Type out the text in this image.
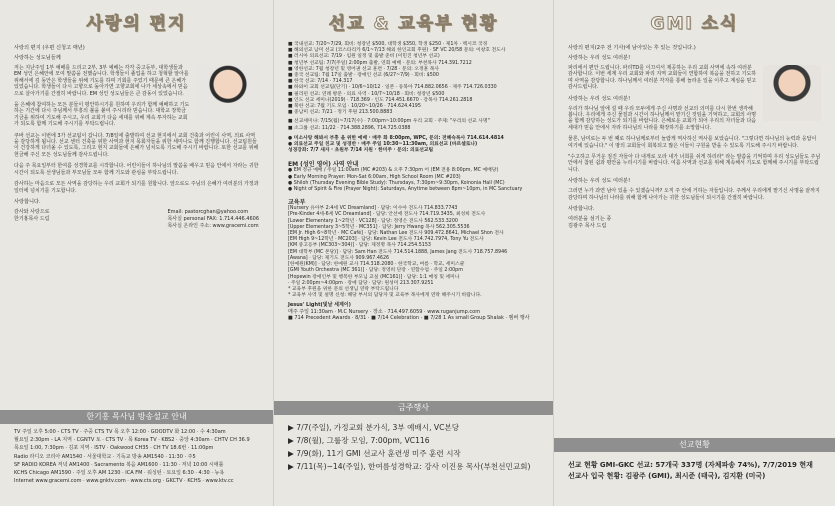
사랑의 편지

사랑의 편지 (우편 신청고 매년)

사랑하는 성도님들께

저는 지난주일 1부 예배를 드리고 2부, 3부 예배는 각각 중고등부, 대학생들과 EM 성인 은혜안에 모여 말씀을 전했습니다. 학생들이 졸업을 하고 청혁할 알아를 위해서에 깊 동안은 학생들을 위해 기도를 하며 기회를 주었기 때문에 큰 은혜가 있었습니다. 학생들이 다시 고향으로 돌아가면 고향교회에 나가 세상속에서 믿음으로 살아가기를 간절히 바랍니다. EM 성인 성도님들은 큰 감동이 있었습니다.

을 은혜에 참여하는 모든 분들이 평안하시기를 원하며 우리가 함께 예배하고 기도하는 기간에 다시 주님께서 부흥의 불을 붙여 주시리라 믿습니다. 대학교 장학금 기금을 위하여 기도해 주시고, 우리 교회가 다음 세대를 위해 계속 투자하는 교회가 되도록 함께 기도해 주시기를 부탁드립니다.

쿠바 선교는 이번에 3가 선교팀이 갑니다. 7/8일에 출발하여 선교 현지에서 교회 건축과 어린이 사역, 의료 사역을 감당하게 됩니다. 선교 센터 건축을 위한 사역과 현지 목회자들을 위한 세미나도 함께 진행합니다. 선교팀원들이 건강하게 다녀올 수 있도록, 그리고 현지 교회들에 은혜가 넘치도록 기도해 주시기 바랍니다. 또한 선교를 위해 헌금해 주신 모든 성도님들께 감사드립니다.

다음 주 목요일부터 한여름 성경학교를 시작합니다. 어린이들이 하나님의 말씀을 배우고 믿음 안에서 자라는 귀한 시간이 되도록 선생님들과 부모님들 모두 함께 기도와 관심을 부탁드립니다.

감사하는 마음으로 모든 사역을 감당하는 우리 교회가 되기를 원합니다. 앞으로도 주님의 은혜가 여러분의 가정과 일터에 넘치기를 기도합니다.

사랑합니다.

감사와 사랑으로
한기홍목사 드림
Email: pastorcghan@yahoo.com
목사실 personal FAX: 1.714.446.4606
목사실 온라인 주소: www.gracemi.com
한기홍 목사님 방송설교 안내
TV 주일 오후 5:00 - CTS TV · 주중 CTS TV 목 오후 12:00 · GOODTV 화 12:00 · 수 4:30am
월요일 2:30pm - LA 지역 · CGNTV 토 · CTS TV · 목 Korea TV · KBS2 · 중앙 4:30am · CHTV CH 36.9
목요일 1:00, 7:30pm · 김포 지역 · ISTV · Oakwood CH35 · CH TV 18.6번 · 11:00pm
Radio 라디오 코리아 AM1540 · 서울대학교 · 기독교 방송 AM1540 · 11:30 · 주5
SF RADIO KOREA 저녁 AM1400 · Sacramento 복음 AM1600 · 11:30 · 저녁 10:00 시애틀
KCHS Chicago AM1590 · 주일 오후 AM 1230 · ICA FM · 워싱턴 · 토요일 6:30 · 4:30 · 뉴욕
Internet www.gracemi.com · www.gnktv.com · www.cts.org · GKCTV · KCHS · www.ktv.cc
선교 & 교육부 현황
■ 국내선교: 7/20~7/29, 회비: 청장년 $500, 대학생 $350, 학생 $250 · 제1차 · 멕시코 국경
■ 해외선교 남미 선교 (코스타리카 6/1~7/13 해외 한인교회 후원) · SF VC 20/58 문의: 이창호 전도사
■ 러시아 의료선교: 7/19 · 임원 일정 및 출발 준비 (이민진 청년부 선교)
■ 청년부 선교팀: 7/7(주일) 2:00pm 출발, 연회 예배 · 문의: 부천목사 714.391.7212
■ 영한선교: 7월 청장년 및 영어권 선교 훈련 · 7/28 · 문의: 오정훈 목사
■ 중국 선교팀: 7월 17일 출발 · 장애인 선교 (6/27~7/9) · 회비: $500
■ 한국 선교: 7/14 · 714.317
■ 하와이 교회 선교팀(단기) · 10/6~10/12 · 일본 · 동북아 714.882.0656 · 제주 714.726.0330
■ 필리핀 선교: 연례 방문 · 의료 사역 · 10/7~10/18 · 회비: 청장년 $500
■ 인도 선교 세미나(2019) · 718.369 · 인도 714.451.6670 · 강목사 714.261.2818
■ 북한 선교: 7월 기도 모임 · 10/20~10/26 · 714.624.4195
■ 중남미 선교: 7/21 · 정기 후원 213.500.8883
■ 선교세미나: 7/15(월)~7/17(수) · 7:00pm~10:00pm 우리 교회 · 주제: "우리의 선교 사명"
■ 소그룹 선교: 11/22 · 714.388.2896, 714.725.0388
● 미소사랑 해봐서 부흥 을 위한 예배 · 매주 화 8:00pm, WPC, 문의: 전혜숙목사 714.614.4814
● 의료선교 주일 친교 및 성경반 · 매주 주일 10:30~11:30am, 의료선교 (바르셀로나)
성경강좌: 7/7 새자 · 초원부 7/14 지원 · 한미주 · 문의: 의료선교팀
EM (성인 영어) 사역 안내
● EM 정규 예배 / 주일 11:00am (MC #203) & 오후 7:30pm 어 (EM 전용 8:00pm, MC 예배당)
● Early Morning Prayer: Mon-Sat 6:00am, High School Room (MC #203)
● Shiloh (Thursday Evening Bible Study): Thursdays, 7:30pm~9:30pm, Koinonia Hall (MC)
● Night of Spirit & Fire (Prayer Night): Saturdays, Anytime between 8pm~10pm, in MC Sanctuary
교육부
[Nursery 유아부 2:4세 VC Dreamland] · 담당: 이수아 전도사 714.833.7743
[Pre-Kinder 4세-6세 VC Dreamland] · 담당: 안선애 전도사 714.719.3435, 최성희 전도사
[Lower Elementary 1~2학년 · VC128] · 담당: 정영은 전도사 562.533.3200
[Upper Elementary 3~5학년 · MC351] · 담당: Jerry Hwang 목사 562.305.5536
[EM Jr. High 6~8학년 · MC Café] · 담당: Nathan Lee 전도사 909.472.8641, Michael Shon 전사
[EM High 9~12학년 · MC203] · 담당: Kevin Lee 전도사 714.742.7974, Tony Yu 전도사
[KM 중고등부 (MC303~304)] · 담당: 제정명 목사 714.254.5153
[EM 대학부 (MC 본당)] · 담당: Sam Han 전도사 714.514.1888, James Jang 전도사 718.757.8946
[Awana] · 담당: 제기도 전도사 909.967.4626
[한예원(KM)] · 담당: 한예원 교사 714.318.2080 · 한국학교, 여름 · 학교, 세미스쿨
[GMI Youth Orchestra (MC 361)] · 담당: 정영희 단장 · 연합수업 · 주일 2:00pm
[Hopewin 장애인부 및 행복한 부모님 교실 (MC161)] · 담당: 1:1 매칭 및 세미나
· 주일 2:00pm~4:00pm · 장애 담당 · 담당: 원성미 213.307.9251
* 교육부 후원을 위한 문의 선생님 연락 부탁드립니다
* 교육부 사역 및 설명 신청: 해당 부서의 담당자 및 교육부 목사에게 연락 해주시기 바랍니다.
Jesus' Light(빛날 세계이)
매주 주일 11:30am · M.C Nursery · 장소 · 714.497.6059 · www.ruganjump.com
■ 714 Precedent Awards · 8/31 · ■ 7/14 Celebration · ■ 7/28 1 As small Group Shalak · 멤버 행사
금주행사
▶ 7/7(주일), 가정교회 분가식, 3부 예배시, VC본당
▶ 7/8(월), 그룹장 모임, 7:00pm, VC116
▶ 7/9(화), 11기 GMI 선교사 훈련생 미주 훈련 시작
▶ 7/11(목)~14(주일), 한여름성경학교: 강사 이진용 목사(부천선민교회)
GMI 소식

사랑의 편지(2주 전 기사)에 남아있는 후 있는 것입니다.)

사랑하는 우리 성도 여러분!

파리에서 편안 드립니다. 파리TD를 이끄셔서 제공하는 우리 교회 사역에 속하 여러분 감사합니다. 이번 세계 우리 교회와 파리 지역 교회들이 연합하여 복음을 전하고 기도하며 사역을 감당합니다. 하나님께서 여러분 각자를 통해 놀라운 일을 이루고 계심을 믿고 감사드립니다.

사랑하는 우리 성도 여러분!

우리가 하나님 앞에 설 때 우리 모두에게 주신 사명과 선교의 의미를 다시 한번 생각해 봅니다. 우리에게 주신 물질과 시간이 하나님께서 맡기신 것임을 기억하고, 교회의 사명을 함께 감당하는 성도가 되기를 바랍니다. 은혜로운 교회가 되어 우리의 자녀들과 다음 세대가 믿음 안에서 자라 하나님의 나라를 확장하기를 소망합니다.

물론, 남미로는 두 번 째로 하나님께로부터 놀랍게 역사하신 역사를 보았습니다. "그렇다면 하나님의 능력과 응답이 여기에 있습니다." 이 땅의 교회들이 회복되고 많은 이들이 구원을 받을 수 있도록 기도해 주시기 바랍니다.

"수고하고 무거운 짐진 자들아 다 내게로 오라 내가 너희를 쉬게 하리라" 라는 말씀을 기억하며 우리 성도님들도 주님 안에서 참된 쉼과 평안을 누리시기를 바랍니다. 여름 사역과 선교를 위해 계속해서 기도로 함께해 주시기를 부탁드립니다.

사랑하는 우리 성도 여러분!

그러면 누가 과연 남아 있을 수 있겠습니까? 오직 주 안에 거하는 자들입니다. 주께서 우리에게 맡기신 사명을 끝까지 감당하며 하나님의 나라를 위해 함께 나아가는 귀한 성도님들이 되시기를 간절히 바랍니다.

사랑합니다.

여러분을 섬기는 종
김광주 목사 드림
선교현황
선교 현황 GMI-GKC 선교: 57개국 337명 (자체파송 74%), 7/7/2019 현재
선교사 입국 현황: 김광주 (GMI), 최시준 (태국), 김지환 (미국)
